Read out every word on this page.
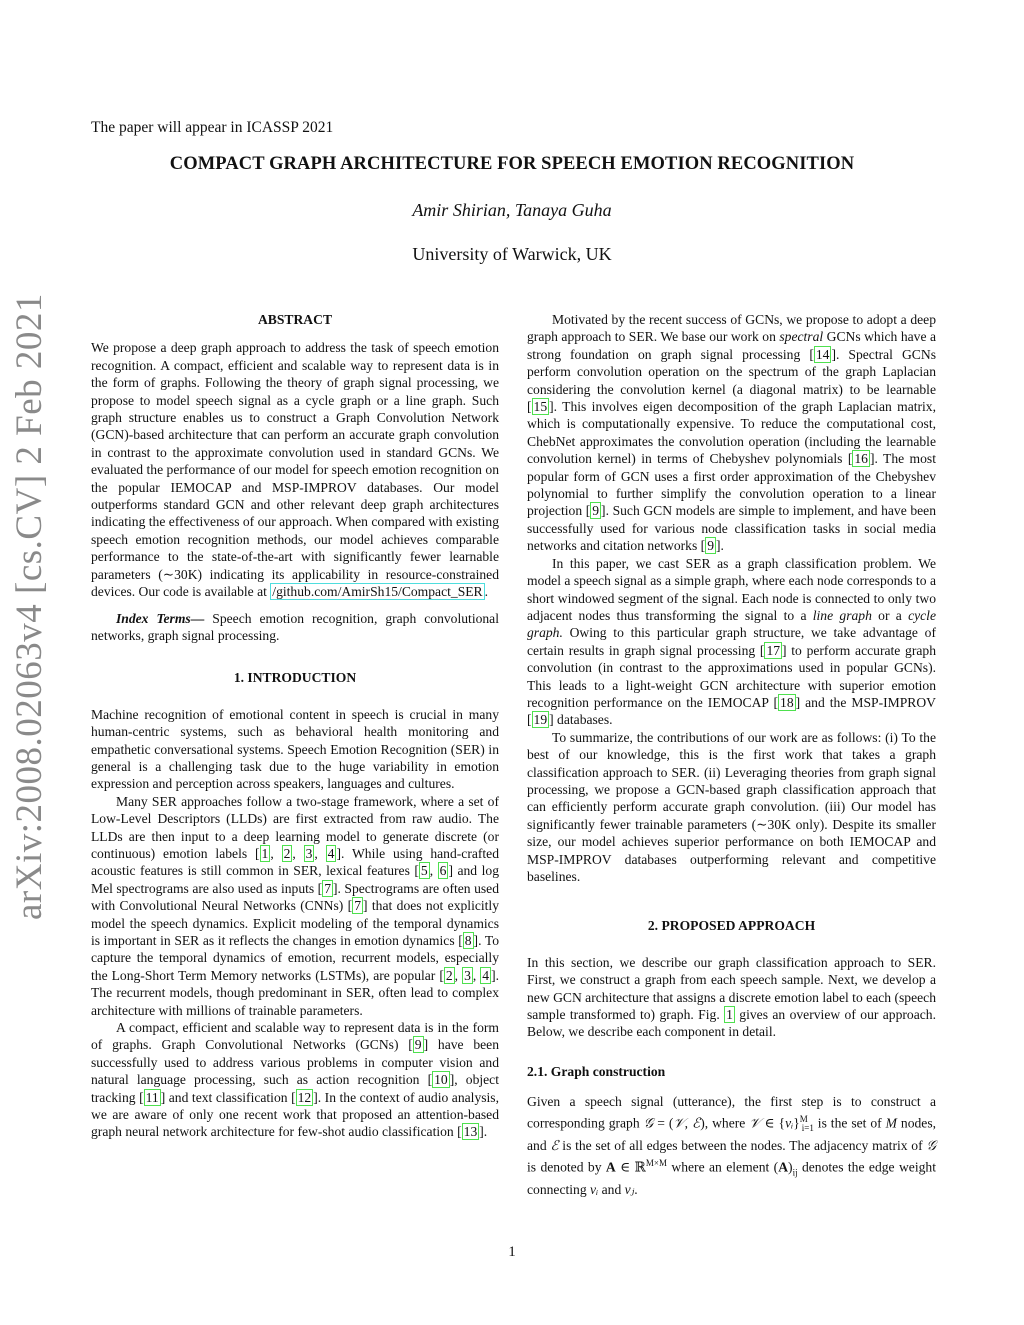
The paper will appear in ICASSP 2021
COMPACT GRAPH ARCHITECTURE FOR SPEECH EMOTION RECOGNITION
Amir Shirian, Tanaya Guha
University of Warwick, UK
arXiv:2008.02063v4 [cs.CV] 2 Feb 2021	ABSTRACT

We propose a deep graph approach to address the task of speech emotion recognition. A compact, efficient and scalable way to represent data is in the form of graphs. Following the theory of graph signal processing, we propose to model speech signal as a cycle graph or a line graph. Such graph structure enables us to construct a Graph Convolution Network (GCN)-based architecture that can perform an accurate graph convolution in contrast to the approximate convolution used in standard GCNs. We evaluated the performance of our model for speech emotion recognition on the popular IEMOCAP and MSP-IMPROV databases. Our model outperforms standard GCN and other relevant deep graph architectures indicating the effectiveness of our approach. When compared with existing speech emotion recognition methods, our model achieves comparable performance to the state-of-the-art with significantly fewer learnable parameters (∼30K) indicating its applicability in resource-constrained devices. Our code is available at /github.com/AmirSh15/Compact_SER .

Index Terms— Speech emotion recognition, graph convolutional networks, graph signal processing.

1. INTRODUCTION

Machine recognition of emotional content in speech is crucial in many human-centric systems, such as behavioral health monitoring and empathetic conversational systems. Speech Emotion Recognition (SER) in general is a challenging task due to the huge variability in emotion expression and perception across speakers, languages and cultures.

Many SER approaches follow a two-stage framework, where a set of Low-Level Descriptors (LLDs) are first extracted from raw audio. The LLDs are then input to a deep learning model to generate discrete (or continuous) emotion labels [ 1 , 2 , 3 , 4 ]. While using hand-crafted acoustic features is still common in SER, lexical features [ 5 , 6 ] and log Mel spectrograms are also used as inputs [ 7 ]. Spectrograms are often used with Convolutional Neural Networks (CNNs) [ 7 ] that does not explicitly model the speech dynamics. Explicit modeling of the temporal dynamics is important in SER as it reflects the changes in emotion dynamics [ 8 ]. To capture the temporal dynamics of emotion, recurrent models, especially the Long-Short Term Memory networks (LSTMs), are popular [ 2 , 3 , 4 ]. The recurrent models, though predominant in SER, often lead to complex architecture with millions of trainable parameters.

A compact, efficient and scalable way to represent data is in the form of graphs. Graph Convolutional Networks (GCNs) [ 9 ] have been successfully used to address various problems in computer vision and natural language processing, such as action recognition [ 10 ], object tracking [ 11 ] and text classification [ 12 ]. In the context of audio analysis, we are aware of only one recent work that proposed an attention-based graph neural network architecture for few-shot audio classification [ 13 ].

Motivated by the recent success of GCNs, we propose to adopt a deep graph approach to SER. We base our work on spectral GCNs which have a strong foundation on graph signal processing [ 14 ]. Spectral GCNs perform convolution operation on the spectrum of the graph Laplacian considering the convolution kernel (a diagonal matrix) to be learnable [ 15 ]. This involves eigen decomposition of the graph Laplacian matrix, which is computationally expensive. To reduce the computational cost, ChebNet approximates the convolution operation (including the learnable convolution kernel) in terms of Chebyshev polynomials [ 16 ]. The most popular form of GCN uses a first order approximation of the Chebyshev polynomial to further simplify the convolution operation to a linear projection [ 9 ]. Such GCN models are simple to implement, and have been successfully used for various node classification tasks in social media networks and citation networks [ 9 ].

In this paper, we cast SER as a graph classification problem. We model a speech signal as a simple graph, where each node corresponds to a short windowed segment of the signal. Each node is connected to only two adjacent nodes thus transforming the signal to a line graph or a cycle graph. Owing to this particular graph structure, we take advantage of certain results in graph signal processing [ 17 ] to perform accurate graph convolution (in contrast to the approximations used in popular GCNs). This leads to a light-weight GCN architecture with superior emotion recognition performance on the IEMOCAP [ 18 ] and the MSP-IMPROV [ 19 ] databases.

To summarize, the contributions of our work are as follows: (i) To the best of our knowledge, this is the first work that takes a graph classification approach to SER. (ii) Leveraging theories from graph signal processing, we propose a GCN-based graph classification approach that can efficiently perform accurate graph convolution. (iii) Our model has significantly fewer trainable parameters (∼30K only). Despite its smaller size, our model achieves superior performance on both IEMOCAP and MSP-IMPROV databases outperforming relevant and competitive baselines.

2. PROPOSED APPROACH

In this section, we describe our graph classification approach to SER. First, we construct a graph from each speech sample. Next, we develop a new GCN architecture that assigns a discrete emotion label to each (speech sample transformed to) graph. Fig. 1 gives an overview of our approach. Below, we describe each component in detail.

2.1. Graph construction

Given a speech signal (utterance), the first step is to construct a corresponding graph 𝒢 = (𝒱, ℰ), where 𝒱 ∈ {vᵢ}$^M_{i=1}$ is the set of M nodes, and ℰ is the set of all edges between the nodes. The adjacency matrix of 𝒢 is denoted by A ∈ ℝ$^{M\times M}$ where an element $(A)_{ij}$ denotes the edge weight connecting vᵢ and vⱼ.

1
